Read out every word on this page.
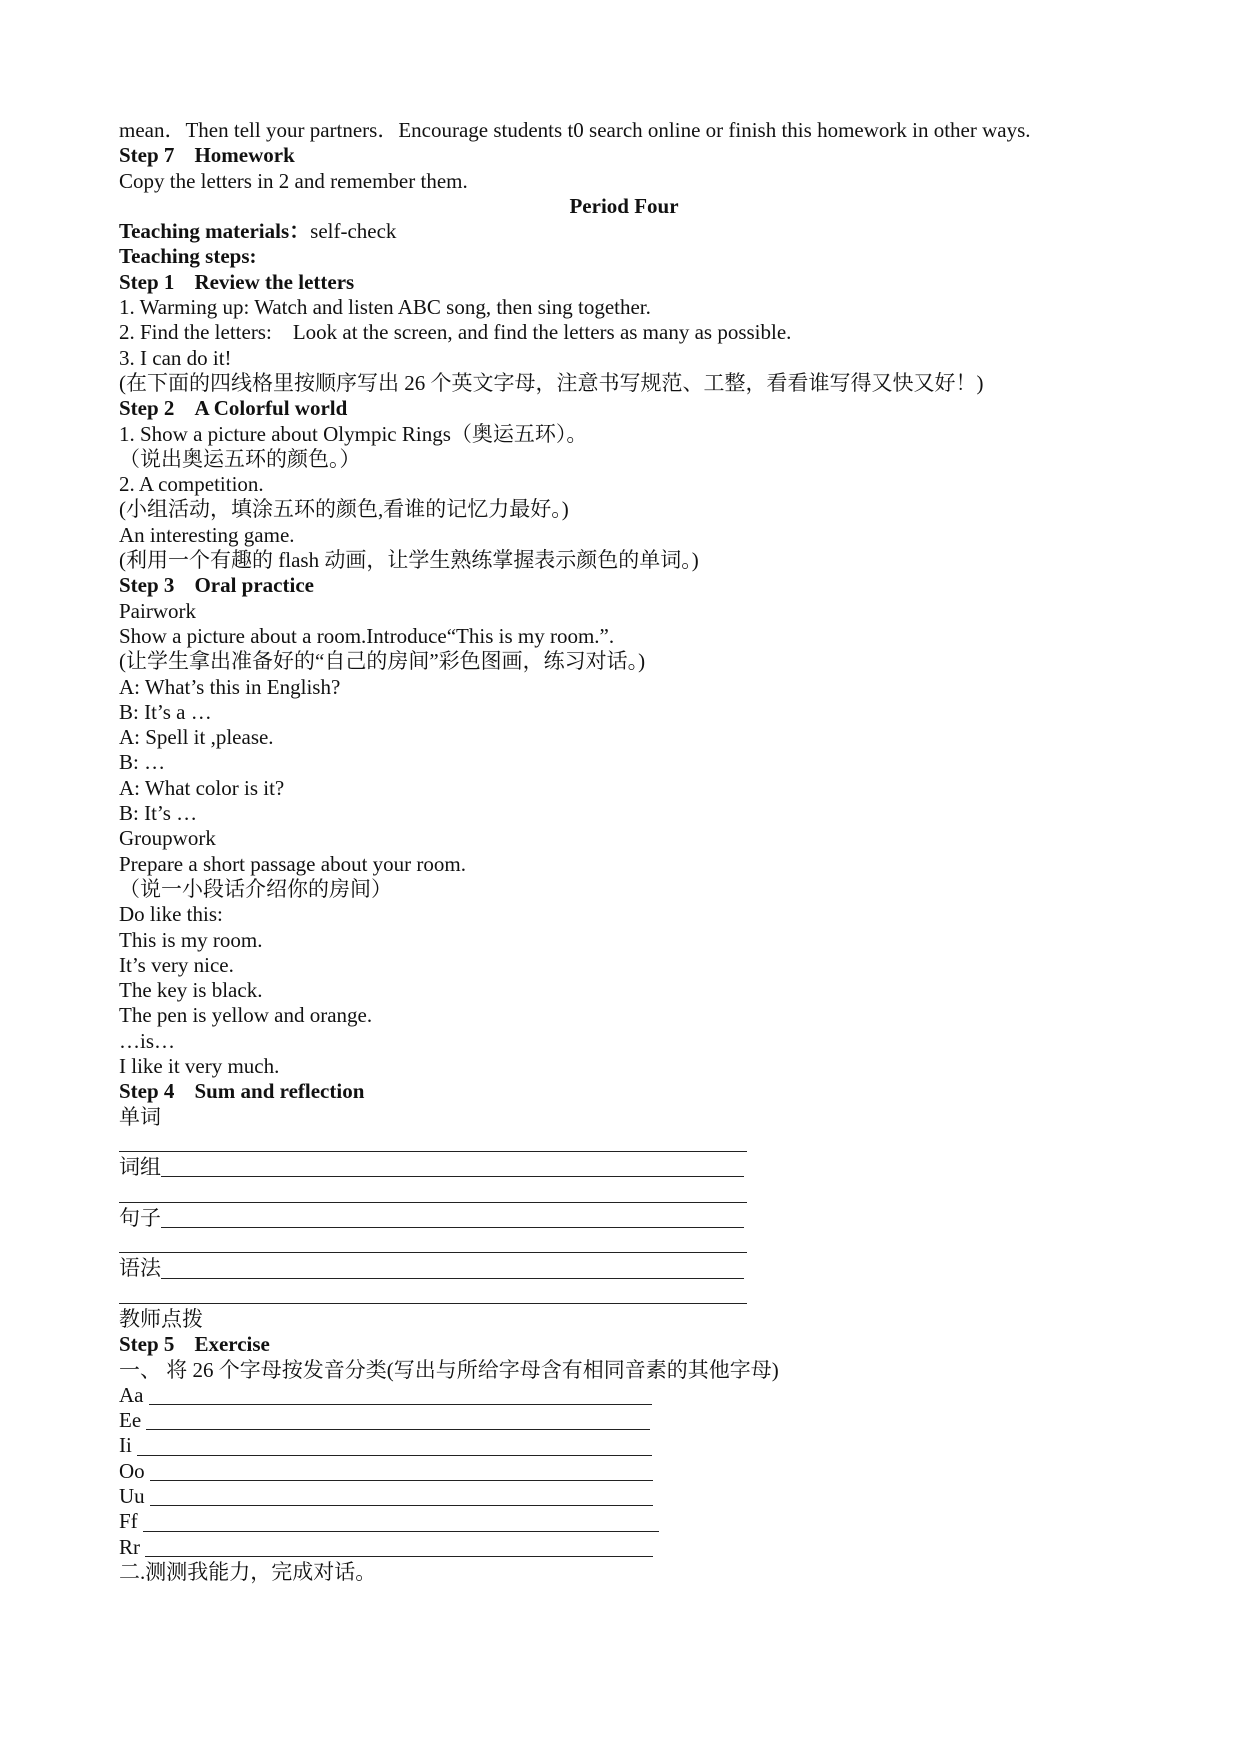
mean．Then tell your partners．Encourage students t0 search online or finish this homework in other ways.
Step 7 Homework
Copy the letters in 2 and remember them.
Period Four
Teaching materials：self-check
Teaching steps:
Step 1 Review the letters
1. Warming up: Watch and listen ABC song, then sing together.
2. Find the letters:　Look at the screen, and find the letters as many as possible.
3. I can do it!
(在下面的四线格里按顺序写出 26 个英文字母，注意书写规范、工整，看看谁写得又快又好！)
Step 2 A Colorful world
1. Show a picture about Olympic Rings（奥运五环）。
（说出奥运五环的颜色。）
2. A competition.
(小组活动，填涂五环的颜色,看谁的记忆力最好。)
An interesting game.
(利用一个有趣的 flash 动画，让学生熟练掌握表示颜色的单词。)
Step 3 Oral practice
Pairwork
Show a picture about a room.Introduce“This is my room.”.
(让学生拿出准备好的“自己的房间”彩色图画，练习对话。)
A: What’s this in English?
B: It’s a …
A: Spell it ,please.
B: …
A: What color is it?
B: It’s …
Groupwork
Prepare a short passage about your room.
（说一小段话介绍你的房间）
Do like this:
This is my room.
It’s very nice.
The key is black.
The pen is yellow and orange.
…is…
I like it very much.
Step 4 Sum and reflection
单词
词组
句子
语法
教师点拨
Step 5 Exercise
一、 将 26 个字母按发音分类(写出与所给字母含有相同音素的其他字母)
Aa
Ee
Ii
Oo
Uu
Ff
Rr
二.测测我能力，完成对话。
